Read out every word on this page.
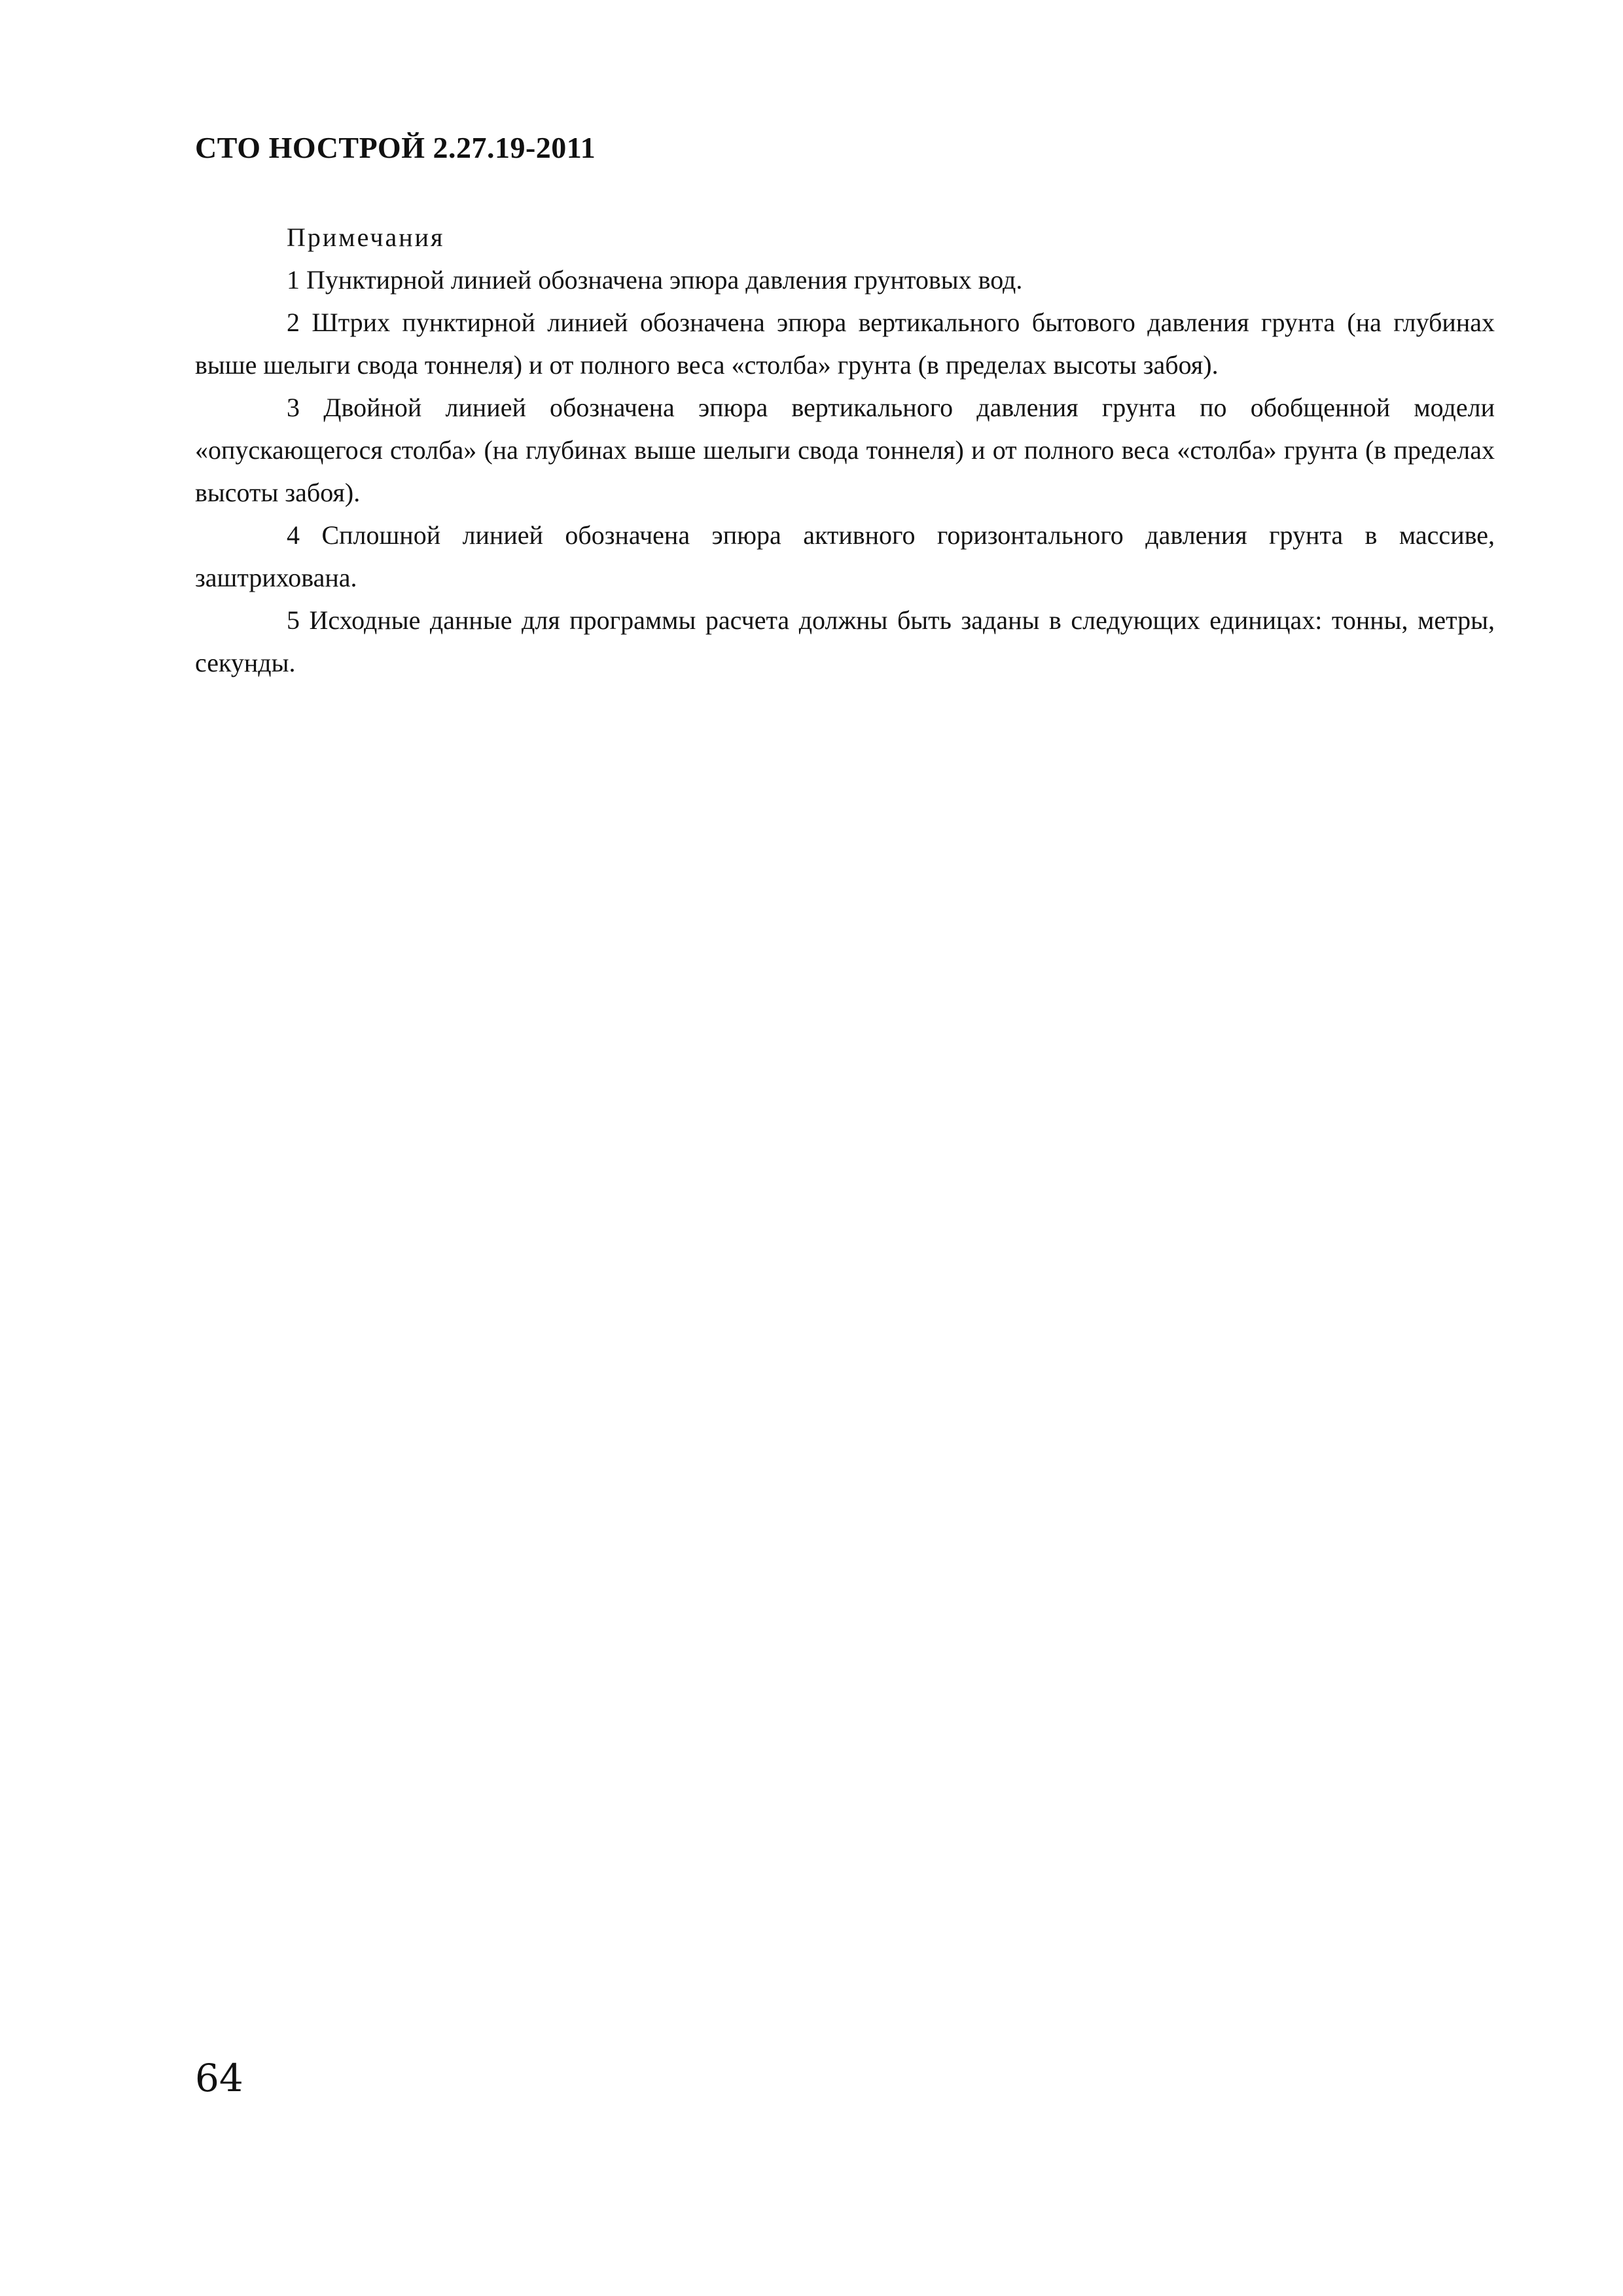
СТО НОСТРОЙ 2.27.19-2011

Примечания

1 Пунктирной линией обозначена эпюра давления грунтовых вод.

2 Штрих пунктирной линией обозначена эпюра вертикального бытового давления грунта (на глубинах выше шелыги свода тоннеля) и от полного веса «столба» грунта (в пределах высоты забоя).

3 Двойной линией обозначена эпюра вертикального давления грунта по обобщенной модели «опускающегося столба» (на глубинах выше шелыги свода тоннеля) и от полного веса «столба» грунта (в пределах высоты забоя).

4 Сплошной линией обозначена эпюра активного горизонтального давления грунта в массиве, заштрихована.

5 Исходные данные для программы расчета должны быть заданы в следующих единицах: тонны, метры, секунды.

64
